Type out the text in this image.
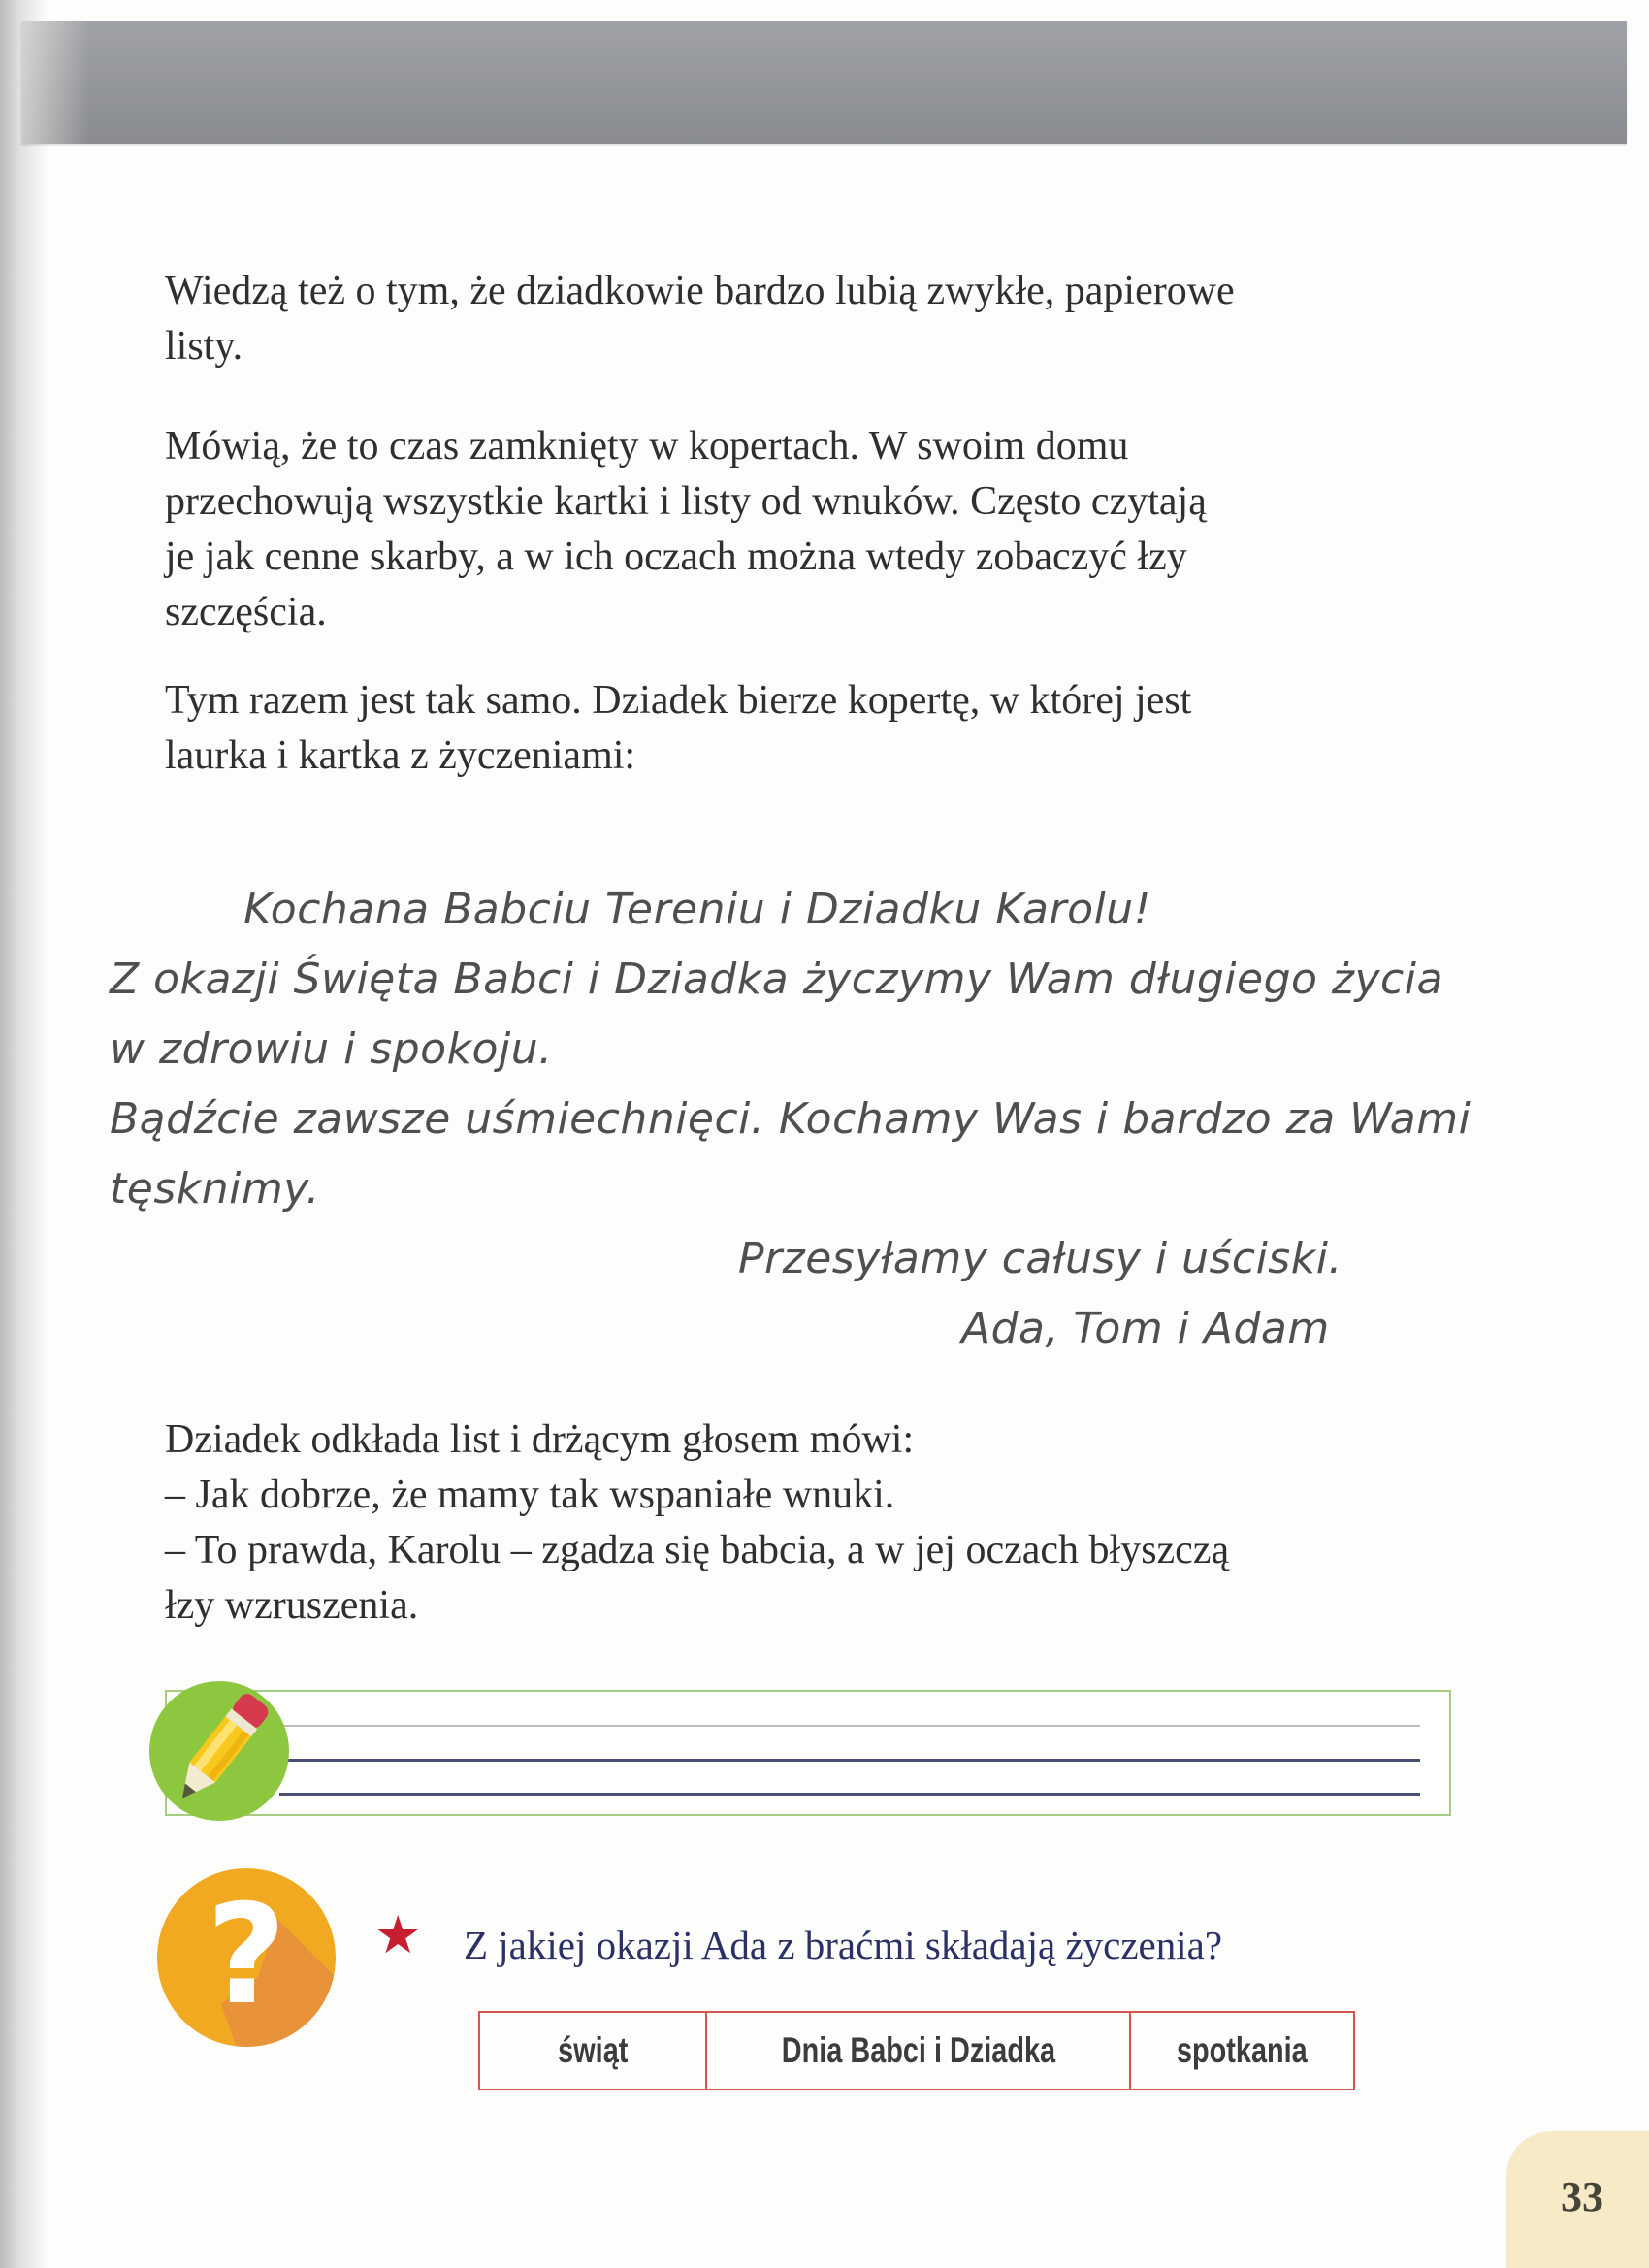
Wiedzą też o tym, że dziadkowie bardzo lubią zwykłe, papierowe
listy.
Mówią, że to czas zamknięty w kopertach. W swoim domu
przechowują wszystkie kartki i listy od wnuków. Często czytają
je jak cenne skarby, a w ich oczach można wtedy zobaczyć łzy
szczęścia.
Tym razem jest tak samo. Dziadek bierze kopertę, w której jest
laurka i kartka z życzeniami:
Kochana Babciu Tereniu i Dziadku Karolu!
Z okazji Święta Babci i Dziadka życzymy Wam długiego życia
w zdrowiu i spokoju.
Bądźcie zawsze uśmiechnięci. Kochamy Was i bardzo za Wami
tęsknimy.
Przesyłamy całusy i uściski.
Ada, Tom i Adam
Dziadek odkłada list i drżącym głosem mówi:
– Jak dobrze, że mamy tak wspaniałe wnuki.
– To prawda, Karolu – zgadza się babcia, a w jej oczach błyszczą
łzy wzruszenia.
? ★ Z jakiej okazji Ada z braćmi składają życzenia?
świąt	Dnia Babci i Dziadka	spotkania
33
